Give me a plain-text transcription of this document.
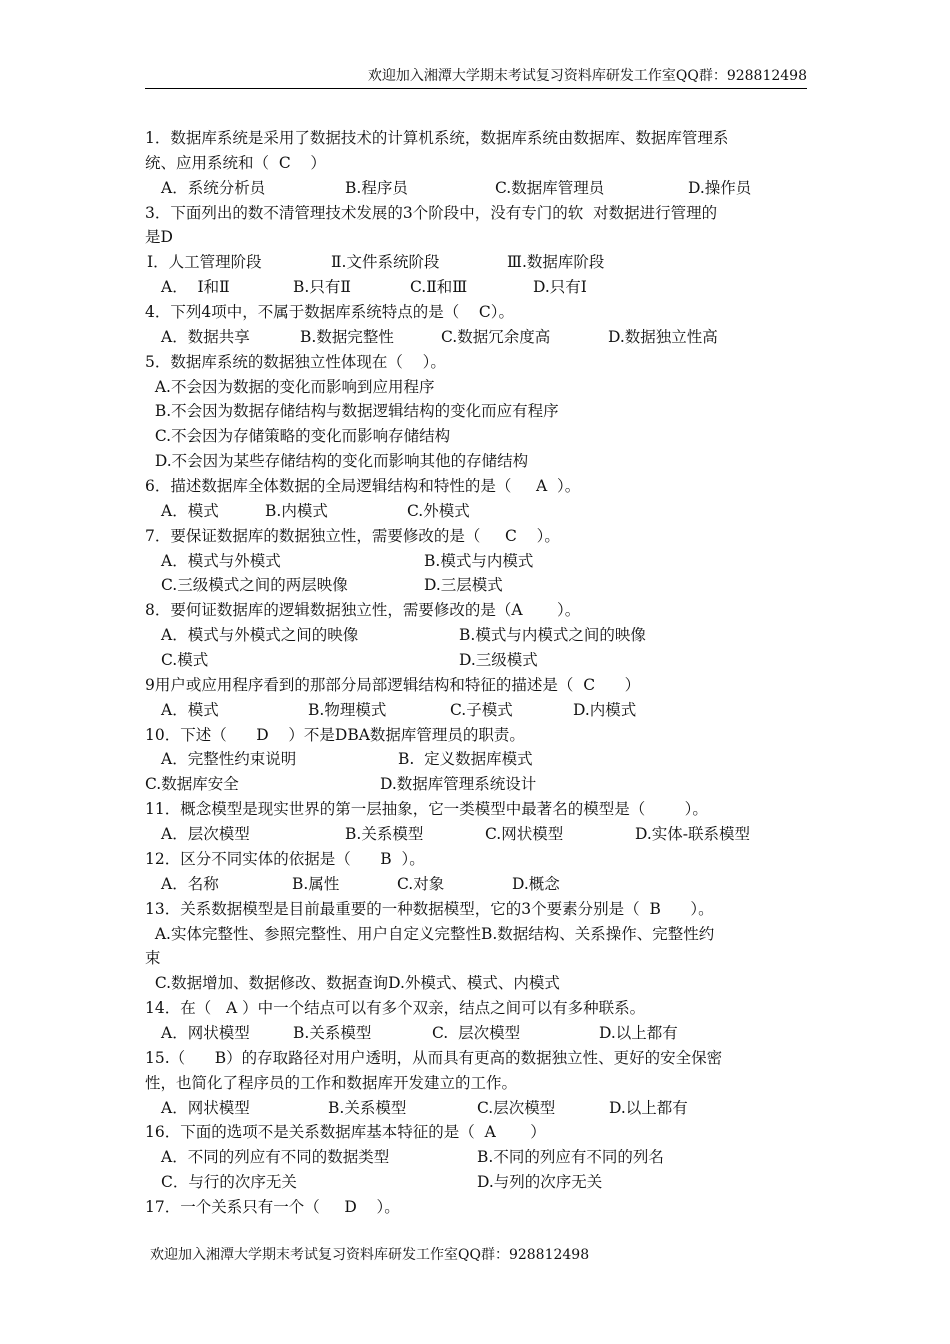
欢迎加入湘潭大学期末考试复习资料库研发工作室QQ群：928812498
1．数据库系统是采用了数据技术的计算机系统，数据库系统由数据库、数据库管理系
统、应用系统和（  C    ）
A．系统分析员	B.程序员	C.数据库管理员	D.操作员
3．下面列出的数不清管理技术发展的3个阶段中，没有专门的软  对数据进行管理的
是D
Ⅰ．人工管理阶段	Ⅱ.文件系统阶段	Ⅲ.数据库阶段
A．  Ⅰ和Ⅱ	B.只有Ⅱ	C.Ⅱ和Ⅲ	D.只有Ⅰ
4．下列4项中，不属于数据库系统特点的是（    C）。
A．数据共享	B.数据完整性	C.数据冗余度高	D.数据独立性高
5．数据库系统的数据独立性体现在（    ）。
A.不会因为数据的变化而影响到应用程序
B.不会因为数据存储结构与数据逻辑结构的变化而应有程序
C.不会因为存储策略的变化而影响存储结构
D.不会因为某些存储结构的变化而影响其他的存储结构
6．描述数据库全体数据的全局逻辑结构和特性的是（     A  ）。
A．模式	B.内模式	C.外模式
7．要保证数据库的数据独立性，需要修改的是（     C    ）。
A．模式与外模式	B.模式与内模式
C.三级模式之间的两层映像	D.三层模式
8．要何证数据库的逻辑数据独立性，需要修改的是（A       ）。
A．模式与外模式之间的映像	B.模式与内模式之间的映像
C.模式	D.三级模式
9用户或应用程序看到的那部分局部逻辑结构和特征的描述是（  C      ）
A．模式	B.物理模式	C.子模式	D.内模式
10．下述（      D    ）不是DBA数据库管理员的职责。
A．完整性约束说明	B.  定义数据库模式
C.数据库安全	D.数据库管理系统设计
11．概念模型是现实世界的第一层抽象，它一类模型中最著名的模型是（        ）。
A．层次模型	B.关系模型	C.网状模型	D.实体-联系模型
12．区分不同实体的依据是（      B  ）。
A．名称	B.属性	C.对象	D.概念
13．关系数据模型是目前最重要的一种数据模型，它的3个要素分别是（  B      ）。
A.实体完整性、参照完整性、用户自定义完整性B.数据结构、关系操作、完整性约
束
C.数据增加、数据修改、数据查询D.外模式、模式、内模式
14．在（   A ）中一个结点可以有多个双亲，结点之间可以有多种联系。
A．网状模型	B.关系模型	C.  层次模型	D.以上都有
15.（      B）的存取路径对用户透明，从而具有更高的数据独立性、更好的安全保密
性，也简化了程序员的工作和数据库开发建立的工作。
A．网状模型	B.关系模型	C.层次模型	D.以上都有
16．下面的选项不是关系数据库基本特征的是（  A       ）
A．不同的列应有不同的数据类型	B.不同的列应有不同的列名
C．与行的次序无关	D.与列的次序无关
17．一个关系只有一个（     D    ）。
欢迎加入湘潭大学期末考试复习资料库研发工作室QQ群：928812498
